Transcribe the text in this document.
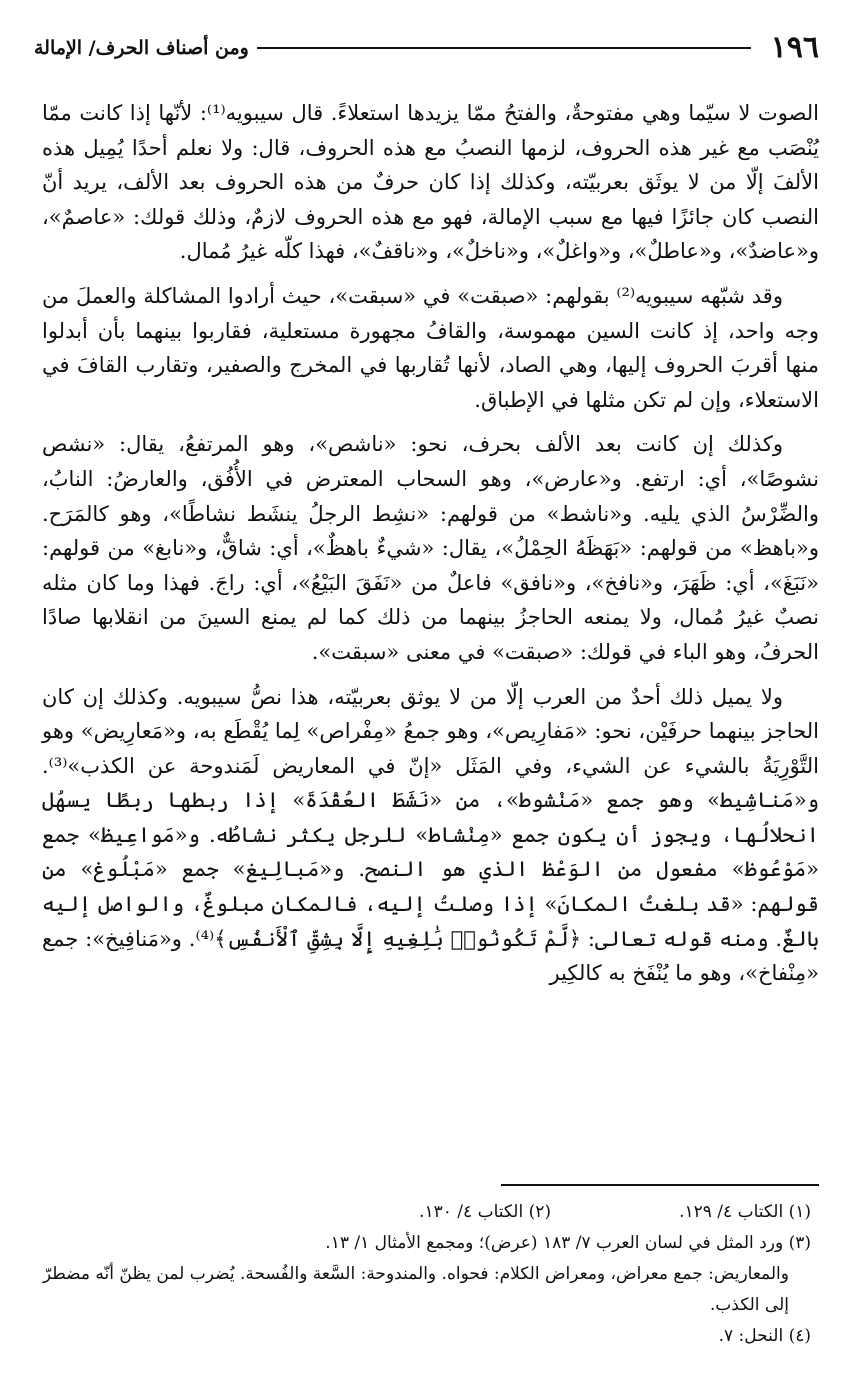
١٩٦
ومن أصناف الحرف/ الإمالة

الصوت لا سيّما وهي مفتوحةٌ، والفتحُ ممّا يزيدها استعلاءً. قال سيبويه⁽¹⁾: لأنّها إذا كانت ممّا يُنْصَب مع غير هذه الحروف، لزمها النصبُ مع هذه الحروف، قال: ولا نعلم أحدًا يُمِيل هذه الألفَ إلّا من لا يوثَق بعربيّته، وكذلك إذا كان حرفٌ من هذه الحروف بعد الألف، يريد أنّ النصب كان جائزًا فيها مع سبب الإمالة، فهو مع هذه الحروف لازمٌ، وذلك قولك: «عاصمٌ»، و«عاضدٌ»، و«عاطلٌ»، و«واغلٌ»، و«ناخلٌ»، و«ناقفٌ»، فهذا كلّه غيرُ مُمال.

وقد شبّهه سيبويه⁽²⁾ بقولهم: «صبقت» في «سبقت»، حيث أرادوا المشاكلة والعملَ من وجه واحد، إذ كانت السين مهموسة، والقافُ مجهورة مستعلية، فقاربوا بينهما بأن أبدلوا منها أقربَ الحروف إليها، وهي الصاد، لأنها تُقاربها في المخرج والصفير، وتقارب القافَ في الاستعلاء، وإن لم تكن مثلها في الإطباق.

وكذلك إن كانت بعد الألف بحرف، نحو: «ناشص»، وهو المرتفعُ، يقال: «نشص نشوصًا»، أي: ارتفع. و«عارض»، وهو السحاب المعترض في الأُفُق، والعارضُ: النابُ، والضِّرْسُ الذي يليه. و«ناشط» من قولهم: «نشِط الرجلُ ينشَط نشاطًا»، وهو كالمَرَح. و«باهظ» من قولهم: «بَهَظَهُ الحِمْلُ»، يقال: «شيءٌ باهظٌ»، أي: شاقٌّ، و«نابغ» من قولهم: «نَبَغَ»، أي: ظَهَرَ، و«نافخ»، و«نافق» فاعلٌ من «نَفَقَ البَيْعُ»، أي: راجَ. فهذا وما كان مثله نصبٌ غيرُ مُمال، ولا يمنعه الحاجزُ بينهما من ذلك كما لم يمنع السينَ من انقلابها صادًا الحرفُ، وهو الباء في قولك: «صبقت» في معنى «سبقت».

ولا يميل ذلك أحدٌ من العرب إلّا من لا يوثق بعربيّته، هذا نصُّ سيبويه. وكذلك إن كان الحاجز بينهما حرفَيْن، نحو: «مَفارِيص»، وهو جمعُ «مِفْراص» لِما يُقْطَع به، و«مَعارِيض» وهو التَّوْرِيَةُ بالشيء عن الشيء، وفي المَثَل «إنّ في المعاريض لَمَندوحة عن الكذب»⁽³⁾. و«مَناشِيط» وهو جمع «مَنْشوط»، من «نَشَطَ العُقْدَةَ» إذا ربطها ربطًا يسهُل انحلالُها، ويجوز أن يكون جمع «مِنْشاط» للرجل يكثر نشاطُه. و«مَواعِيظ» جمع «مَوْعُوظ» مفعول من الوَعْظ الذي هو النصح. و«مَبالِيغ» جمع «مَبْلُوغ» من قولهم: «قد بلغتُ المكانَ» إذا وصلتُ إليه، فالمكان مبلوغٌ، والواصل إليه بالغٌ. ومنه قوله تعالى: ﴿لَّمْ تَكُونُوا۟ بَٰلِغِيهِ إِلَّا بِشِقِّ ٱلْأَنفُسِ﴾⁽⁴⁾. و«مَنافِيخ»: جمع «مِنْفاخ»، وهو ما يُنْفَخ به كالكِير

(١) الكتاب ٤/ ١٢٩.
(٢) الكتاب ٤/ ١٣٠.

(٣) ورد المثل في لسان العرب ٧/ ١٨٣ (عرض)؛ ومجمع الأمثال ١/ ١٣.

والمعاريض: جمع معراض، ومعراض الكلام: فحواه. والمندوحة: السَّعة والفُسحة. يُضرب لمن يظنّ أنّه مضطرّ إلى الكذب.

(٤) النحل: ٧.
